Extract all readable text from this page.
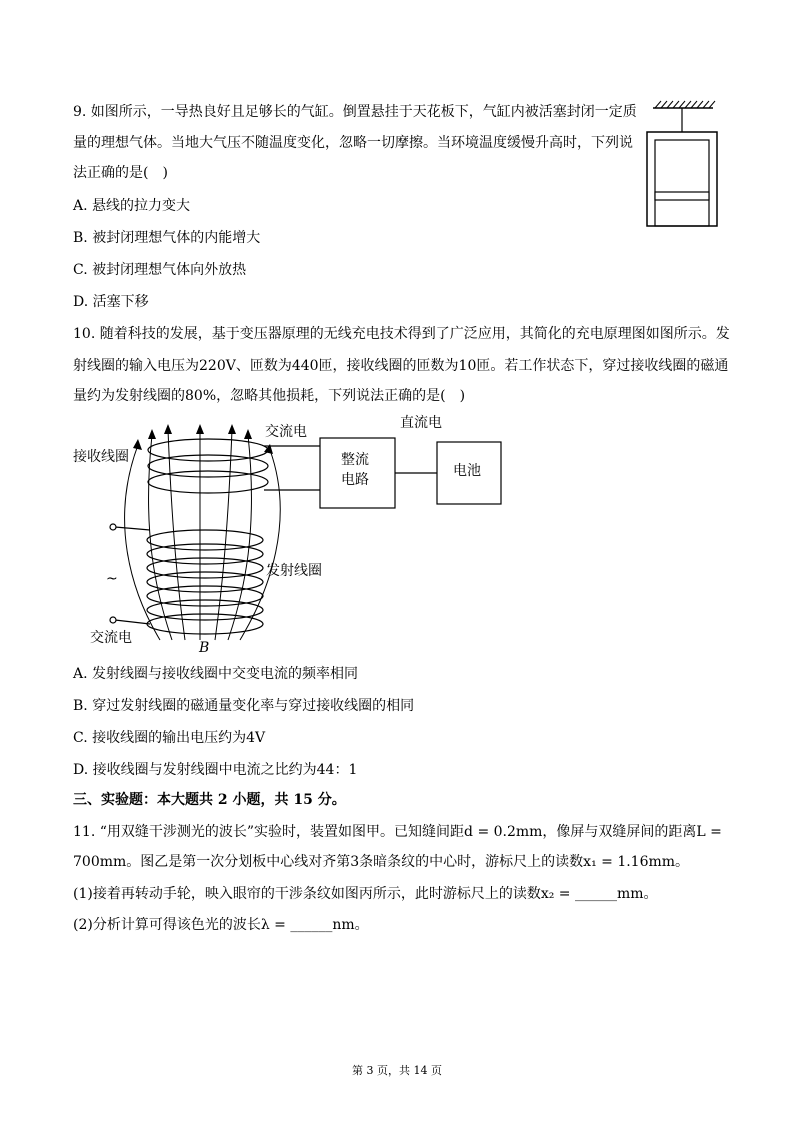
9. 如图所示，一导热良好且足够长的气缸。倒置悬挂于天花板下，气缸内被活塞封闭一定质
量的理想气体。当地大气压不随温度变化，忽略一切摩擦。当环境温度缓慢升高时，下列说
法正确的是(　)
A. 悬线的拉力变大
B. 被封闭理想气体的内能增大
C. 被封闭理想气体向外放热
D. 活塞下移
10. 随着科技的发展，基于变压器原理的无线充电技术得到了广泛应用，其简化的充电原理图如图所示。发
射线圈的输入电压为220V、匝数为440匝，接收线圈的匝数为10匝。若工作状态下，穿过接收线圈的磁通
量约为发射线圈的80%，忽略其他损耗，下列说法正确的是(　)
交流电
直流电
接收线圈	整流
电路
电池
发射线圈
~
交流电
B
A. 发射线圈与接收线圈中交变电流的频率相同
B. 穿过发射线圈的磁通量变化率与穿过接收线圈的相同
C. 接收线圈的输出电压约为4V
D. 接收线圈与发射线圈中电流之比约为44：1
三、实验题：本大题共 2 小题，共 15 分。
11. “用双缝干涉测光的波长”实验时，装置如图甲。已知缝间距d = 0.2mm，像屏与双缝屏间的距离L =
700mm。图乙是第一次分划板中心线对齐第3条暗条纹的中心时，游标尺上的读数x₁ = 1.16mm。
(1)接着再转动手轮，映入眼帘的干涉条纹如图丙所示，此时游标尺上的读数x₂ = ______mm。
(2)分析计算可得该色光的波长λ = ______nm。
第 3 页，共 14 页
